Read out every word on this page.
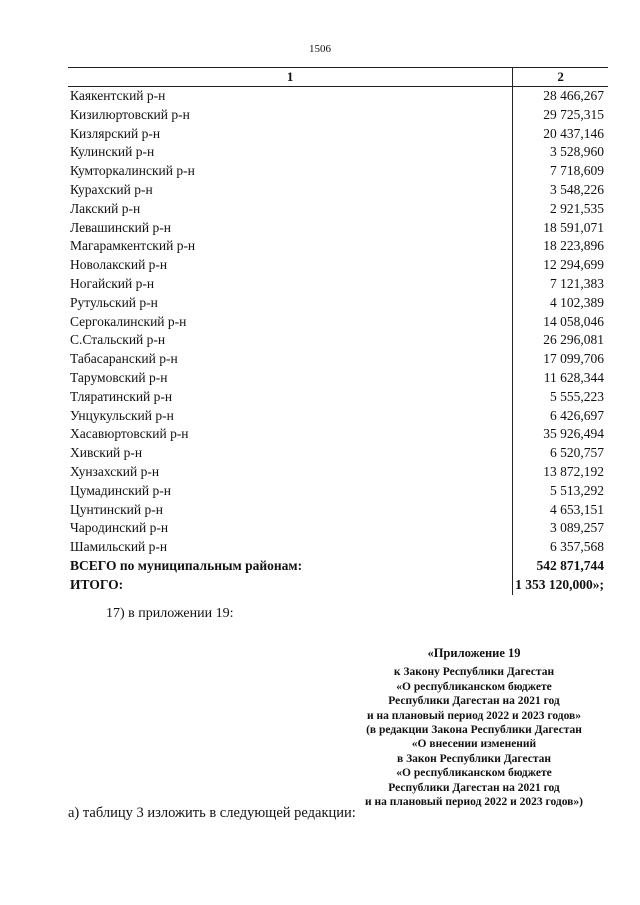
1506
1	2
Каякентский р-н	28 466,267
Кизилюртовский р-н	29 725,315
Кизлярский р-н	20 437,146
Кулинский р-н	3 528,960
Кумторкалинский р-н	7 718,609
Курахский р-н	3 548,226
Лакский р-н	2 921,535
Левашинский р-н	18 591,071
Магарамкентский р-н	18 223,896
Новолакский р-н	12 294,699
Ногайский р-н	7 121,383
Рутульский р-н	4 102,389
Сергокалинский р-н	14 058,046
С.Стальский р-н	26 296,081
Табасаранский р-н	17 099,706
Тарумовский р-н	11 628,344
Тляратинский р-н	5 555,223
Унцукульский р-н	6 426,697
Хасавюртовский р-н	35 926,494
Хивский р-н	6 520,757
Хунзахский р-н	13 872,192
Цумадинский р-н	5 513,292
Цунтинский р-н	4 653,151
Чародинский р-н	3 089,257
Шамильский р-н	6 357,568
ВСЕГО по муниципальным районам:	542 871,744
ИТОГО:	1 353 120,000»;
17) в приложении 19:
«Приложение 19
к Закону Республики Дагестан
«О республиканском бюджете
Республики Дагестан на 2021 год
и на плановый период 2022 и 2023 годов»
(в редакции Закона Республики Дагестан
«О внесении изменений
в Закон Республики Дагестан
«О республиканском бюджете
Республики Дагестан на 2021 год
и на плановый период 2022 и 2023 годов»)
а) таблицу 3 изложить в следующей редакции:
